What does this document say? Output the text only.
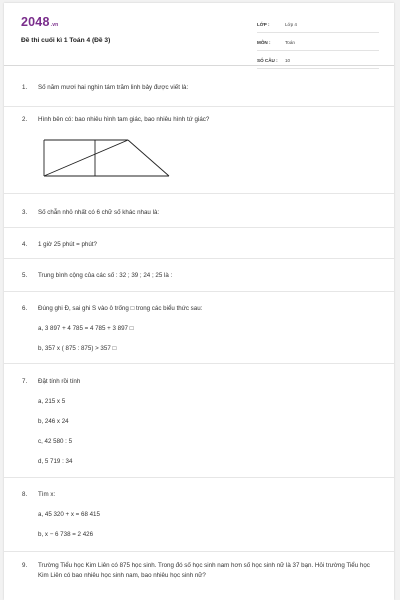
2048.vn
Đề thi cuối kì 1 Toán 4 (Đề 3)
LỚP :	Lớp 4
MÔN :	Toán
SỐ CÂU :	10
1. Số năm mươi hai nghìn tám trăm linh bảy được viết là:
2. Hình bên có: bao nhiêu hình tam giác, bao nhiêu hình tứ giác?
3. Số chẵn nhỏ nhất có 6 chữ số khác nhau là:
4. 1 giờ 25 phút = phút?
5. Trung bình cộng của các số : 32 ; 39 ; 24 ; 25 là :
6. Đúng ghi Đ, sai ghi S vào ô trống □ trong các biểu thức sau:
a, 3 897 + 4 785 = 4 785 + 3 897 □
b, 357 x ( 875 : 875) > 357 □
7. Đặt tính rồi tính
a, 215 x 5
b, 246 x 24
c, 42 580 : 5
d, 5 719 : 34
8. Tìm x:
a, 45 320 + x = 68 415
b, x − 6 738 = 2 426
9. Trường Tiểu học Kim Liên có 875 học sinh. Trong đó số học sinh nam hơn số học sinh nữ là 37 bạn. Hỏi trường Tiểu học Kim Liên có bao nhiêu học sinh nam, bao nhiêu học sinh nữ?
